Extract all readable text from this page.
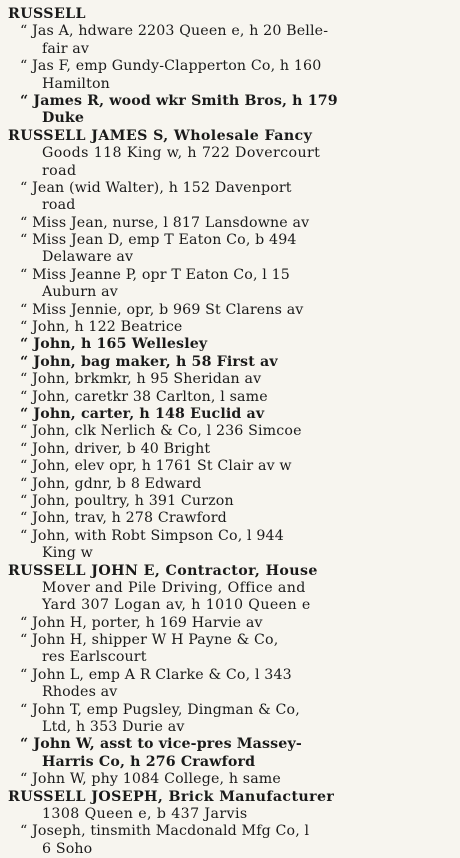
RUSSELL
“ Jas A, hdware 2203 Queen e, h 20 Belle-
fair av
“ Jas F, emp Gundy-Clapperton Co, h 160
Hamilton
“ James R, wood wkr Smith Bros, h 179
Duke
RUSSELL JAMES S, Wholesale Fancy
Goods 118 King w, h 722 Dovercourt
road
“ Jean (wid Walter), h 152 Davenport
road
“ Miss Jean, nurse, l 817 Lansdowne av
“ Miss Jean D, emp T Eaton Co, b 494
Delaware av
“ Miss Jeanne P, opr T Eaton Co, l 15
Auburn av
“ Miss Jennie, opr, b 969 St Clarens av
“ John, h 122 Beatrice
“ John, h 165 Wellesley
“ John, bag maker, h 58 First av
“ John, brkmkr, h 95 Sheridan av
“ John, caretkr 38 Carlton, l same
“ John, carter, h 148 Euclid av
“ John, clk Nerlich & Co, l 236 Simcoe
“ John, driver, b 40 Bright
“ John, elev opr, h 1761 St Clair av w
“ John, gdnr, b 8 Edward
“ John, poultry, h 391 Curzon
“ John, trav, h 278 Crawford
“ John, with Robt Simpson Co, l 944
King w
RUSSELL JOHN E, Contractor, House
Mover and Pile Driving, Office and
Yard 307 Logan av, h 1010 Queen e
“ John H, porter, h 169 Harvie av
“ John H, shipper W H Payne & Co,
res Earlscourt
“ John L, emp A R Clarke & Co, l 343
Rhodes av
“ John T, emp Pugsley, Dingman & Co,
Ltd, h 353 Durie av
“ John W, asst to vice-pres Massey-
Harris Co, h 276 Crawford
“ John W, phy 1084 College, h same
RUSSELL JOSEPH, Brick Manufacturer
1308 Queen e, b 437 Jarvis
“ Joseph, tinsmith Macdonald Mfg Co, l
6 Soho
